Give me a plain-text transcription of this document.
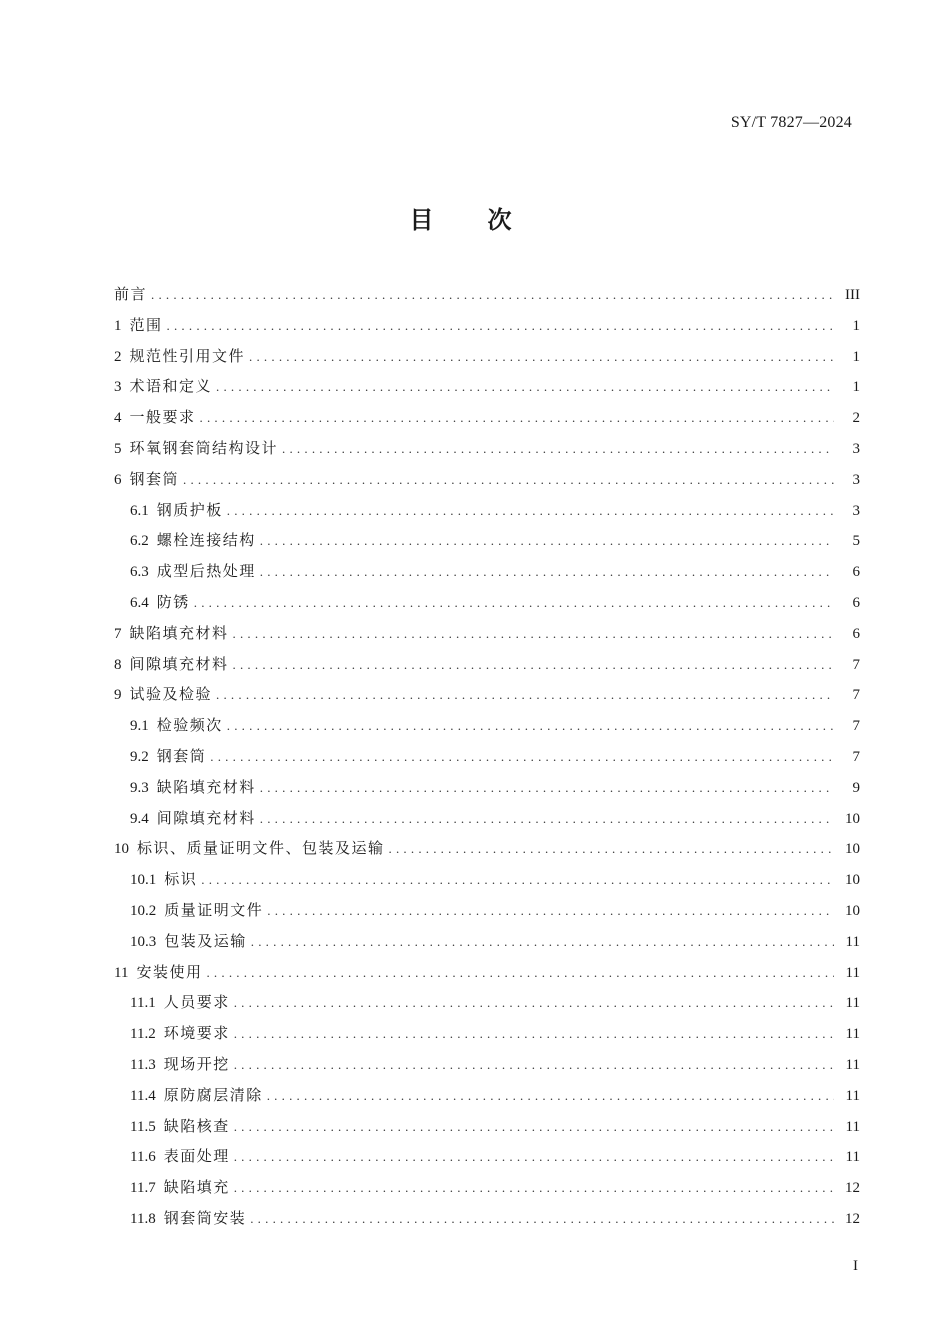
SY/T 7827—2024
目次
前言 .....	III
1 范围 .....	1
2 规范性引用文件 .....	1
3 术语和定义 .....	1
4 一般要求 .....	2
5 环氧钢套筒结构设计 .....	3
6 钢套筒 .....	3
6.1 钢质护板 .....	3
6.2 螺栓连接结构 .....	5
6.3 成型后热处理 .....	6
6.4 防锈 .....	6
7 缺陷填充材料 .....	6
8 间隙填充材料 .....	7
9 试验及检验 .....	7
9.1 检验频次 .....	7
9.2 钢套筒 .....	7
9.3 缺陷填充材料 .....	9
9.4 间隙填充材料 .....	10
10 标识、质量证明文件、包装及运输 .....	10
10.1 标识 .....	10
10.2 质量证明文件 .....	10
10.3 包装及运输 .....	11
11 安装使用 .....	11
11.1 人员要求 .....	11
11.2 环境要求 .....	11
11.3 现场开挖 .....	11
11.4 原防腐层清除 .....	11
11.5 缺陷核查 .....	11
11.6 表面处理 .....	11
11.7 缺陷填充 .....	12
11.8 钢套筒安装 .....	12
I
